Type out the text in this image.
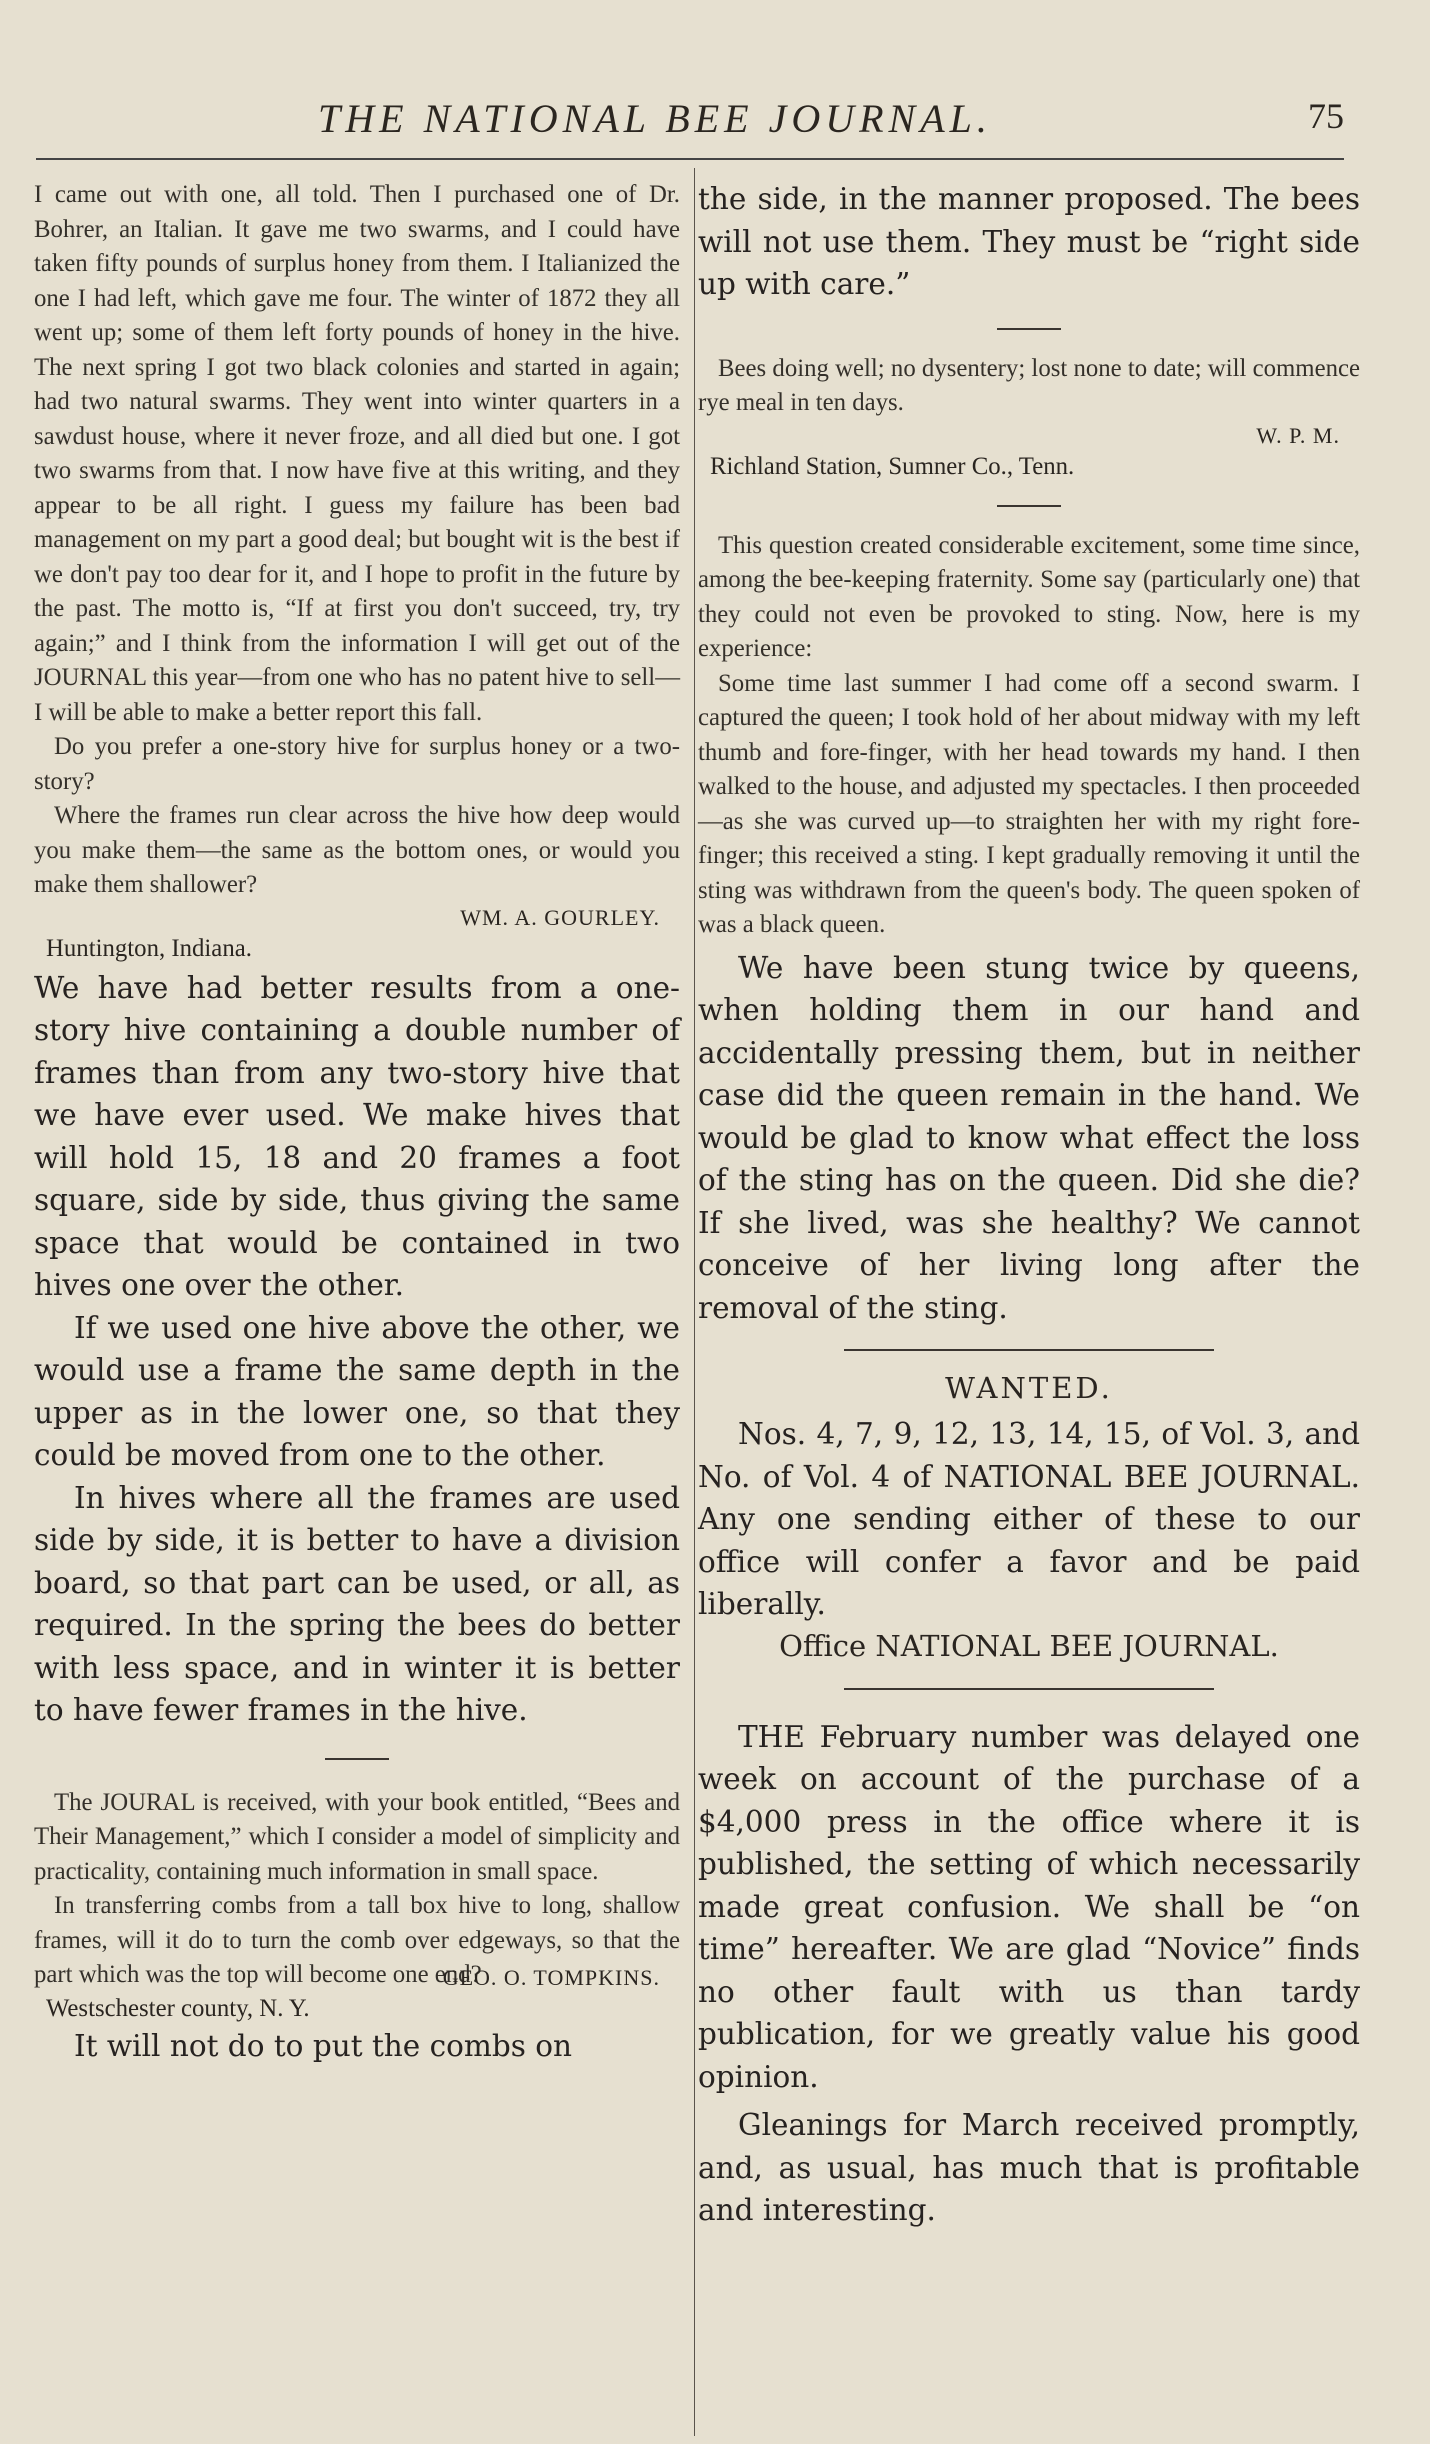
THE NATIONAL BEE JOURNAL.	75

I came out with one, all told. Then I purchased one of Dr. Bohrer, an Italian. It gave me two swarms, and I could have taken fifty pounds of surplus honey from them. I Italianized the one I had left, which gave me four. The winter of 1872 they all went up; some of them left forty pounds of honey in the hive. The next spring I got two black colonies and started in again; had two natural swarms. They went into winter quarters in a sawdust house, where it never froze, and all died but one. I got two swarms from that. I now have five at this writing, and they appear to be all right. I guess my failure has been bad management on my part a good deal; but bought wit is the best if we don't pay too dear for it, and I hope to profit in the future by the past. The motto is, “If at first you don't succeed, try, try again;” and I think from the information I will get out of the JOURNAL this year—from one who has no patent hive to sell—I will be able to make a better report this fall.

Do you prefer a one-story hive for surplus honey or a two-story?

Where the frames run clear across the hive how deep would you make them—the same as the bottom ones, or would you make them shallower?

WM. A. GOURLEY.
Huntington, Indiana.

We have had better results from a one-story hive containing a double number of frames than from any two-story hive that we have ever used. We make hives that will hold 15, 18 and 20 frames a foot square, side by side, thus giving the same space that would be contained in two hives one over the other.

If we used one hive above the other, we would use a frame the same depth in the upper as in the lower one, so that they could be moved from one to the other.

In hives where all the frames are used side by side, it is better to have a division board, so that part can be used, or all, as required. In the spring the bees do better with less space, and in winter it is better to have fewer frames in the hive.

The JOURAL is received, with your book entitled, “Bees and Their Management,” which I consider a model of simplicity and practicality, containing much information in small space.

In transferring combs from a tall box hive to long, shallow frames, will it do to turn the comb over edgeways, so that the part which was the top will become one end?

GEO. O. TOMPKINS.
Westschester county, N. Y.

It will not do to put the combs on

the side, in the manner proposed. The bees will not use them. They must be “right side up with care.”

Bees doing well; no dysentery; lost none to date; will commence rye meal in ten days.

W. P. M.
Richland Station, Sumner Co., Tenn.

This question created considerable excitement, some time since, among the bee-keeping fraternity. Some say (particularly one) that they could not even be provoked to sting. Now, here is my experience:

Some time last summer I had come off a second swarm. I captured the queen; I took hold of her about midway with my left thumb and fore-finger, with her head towards my hand. I then walked to the house, and adjusted my spectacles. I then proceeded—as she was curved up—to straighten her with my right fore-finger; this received a sting. I kept gradually removing it until the sting was withdrawn from the queen's body. The queen spoken of was a black queen.

We have been stung twice by queens, when holding them in our hand and accidentally pressing them, but in neither case did the queen remain in the hand. We would be glad to know what effect the loss of the sting has on the queen. Did she die? If she lived, was she healthy? We cannot conceive of her living long after the removal of the sting.

WANTED.

Nos. 4, 7, 9, 12, 13, 14, 15, of Vol. 3, and No. of Vol. 4 of NATIONAL BEE JOURNAL. Any one sending either of these to our office will confer a favor and be paid liberally.

Office NATIONAL BEE JOURNAL.

THE February number was delayed one week on account of the purchase of a $4,000 press in the office where it is published, the setting of which necessarily made great confusion. We shall be “on time” hereafter. We are glad “Novice” finds no other fault with us than tardy publication, for we greatly value his good opinion.

Gleanings for March received promptly, and, as usual, has much that is profitable and interesting.
